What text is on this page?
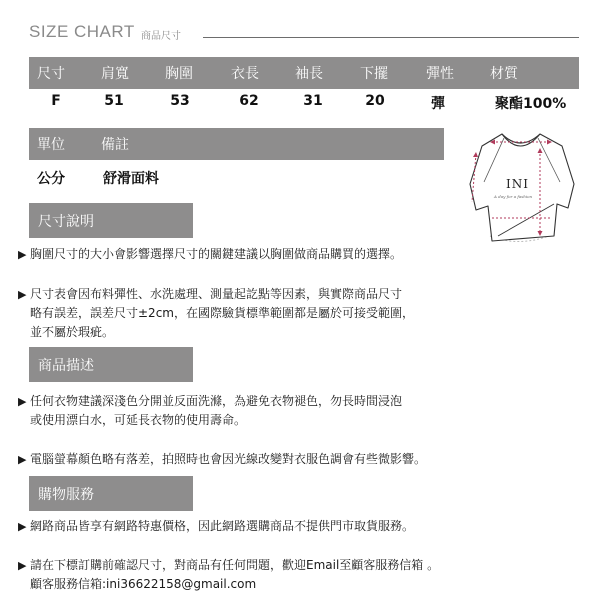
SIZE CHART 商品尺寸
尺寸	肩寬	胸圍	衣長	袖長	下擺	彈性	材質
F	51	53	62	31	20	彈	聚酯100%
單位	備註
公分	舒滑面料	INI
A day for a fashion
尺寸說明
▶ 胸圍尺寸的大小會影響選擇尺寸的關鍵建議以胸圍做商品購買的選擇。
▶ 尺寸表會因布料彈性、水洗處理、測量起訖點等因素，與實際商品尺寸
略有誤差，誤差尺寸±2cm，在國際驗貨標準範圍都是屬於可接受範圍，
並不屬於瑕疵。
商品描述
▶ 任何衣物建議深淺色分開並反面洗滌，為避免衣物褪色，勿長時間浸泡
或使用漂白水，可延長衣物的使用壽命。
▶ 電腦螢幕顏色略有落差，拍照時也會因光線改變對衣服色調會有些微影響。
購物服務
▶ 網路商品皆享有網路特惠價格，因此網路選購商品不提供門市取貨服務。
▶ 請在下標訂購前確認尺寸，對商品有任何問題，歡迎Email至顧客服務信箱 。
顧客服務信箱:ini36622158@gmail.com
